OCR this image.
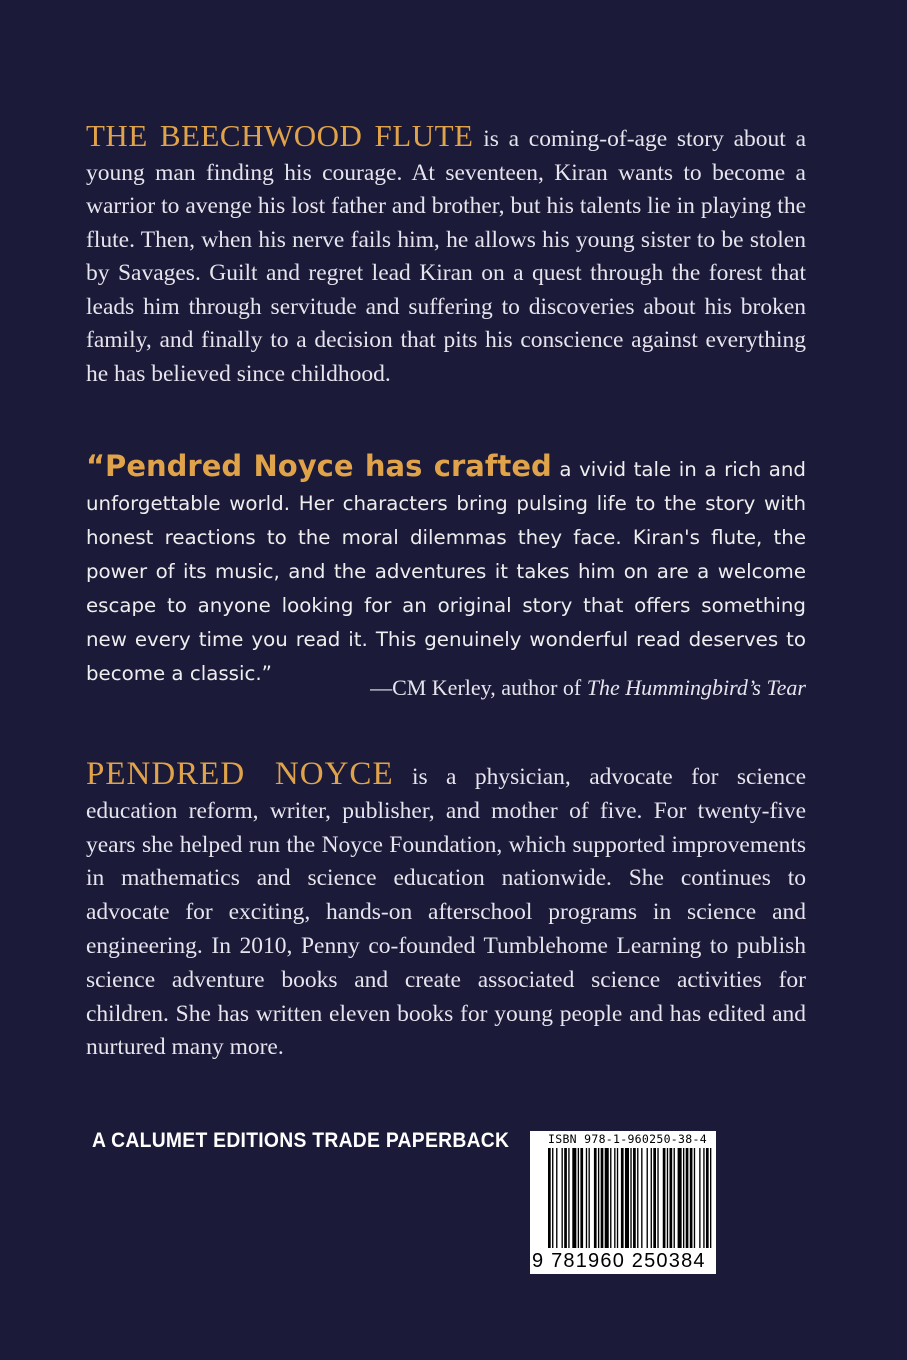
THE BEECHWOOD FLUTE is a coming-of-age story about a young man finding his courage. At seventeen, Kiran wants to become a warrior to avenge his lost father and brother, but his talents lie in playing the flute. Then, when his nerve fails him, he allows his young sister to be stolen by Savages. Guilt and regret lead Kiran on a quest through the forest that leads him through servitude and suffering to discoveries about his broken family, and finally to a decision that pits his conscience against everything he has believed since childhood.
“Pendred Noyce has crafted a vivid tale in a rich and unforgettable world. Her characters bring pulsing life to the story with honest reactions to the moral dilemmas they face. Kiran's flute, the power of its music, and the adventures it takes him on are a welcome escape to anyone looking for an original story that offers something new every time you read it. This genuinely wonderful read deserves to become a classic.”
—CM Kerley, author of The Hummingbird’s Tear
PENDRED NOYCE is a physician, advocate for science education reform, writer, publisher, and mother of five. For twenty-five years she helped run the Noyce Foundation, which supported improvements in mathematics and science education nationwide. She continues to advocate for exciting, hands-on afterschool programs in science and engineering. In 2010, Penny co-founded Tumblehome Learning to publish science adventure books and create associated science activities for children. She has written eleven books for young people and has edited and nurtured many more.
A CALUMET EDITIONS TRADE PAPERBACK	ISBN 978-1-960250-38-4
9 781960 250384
